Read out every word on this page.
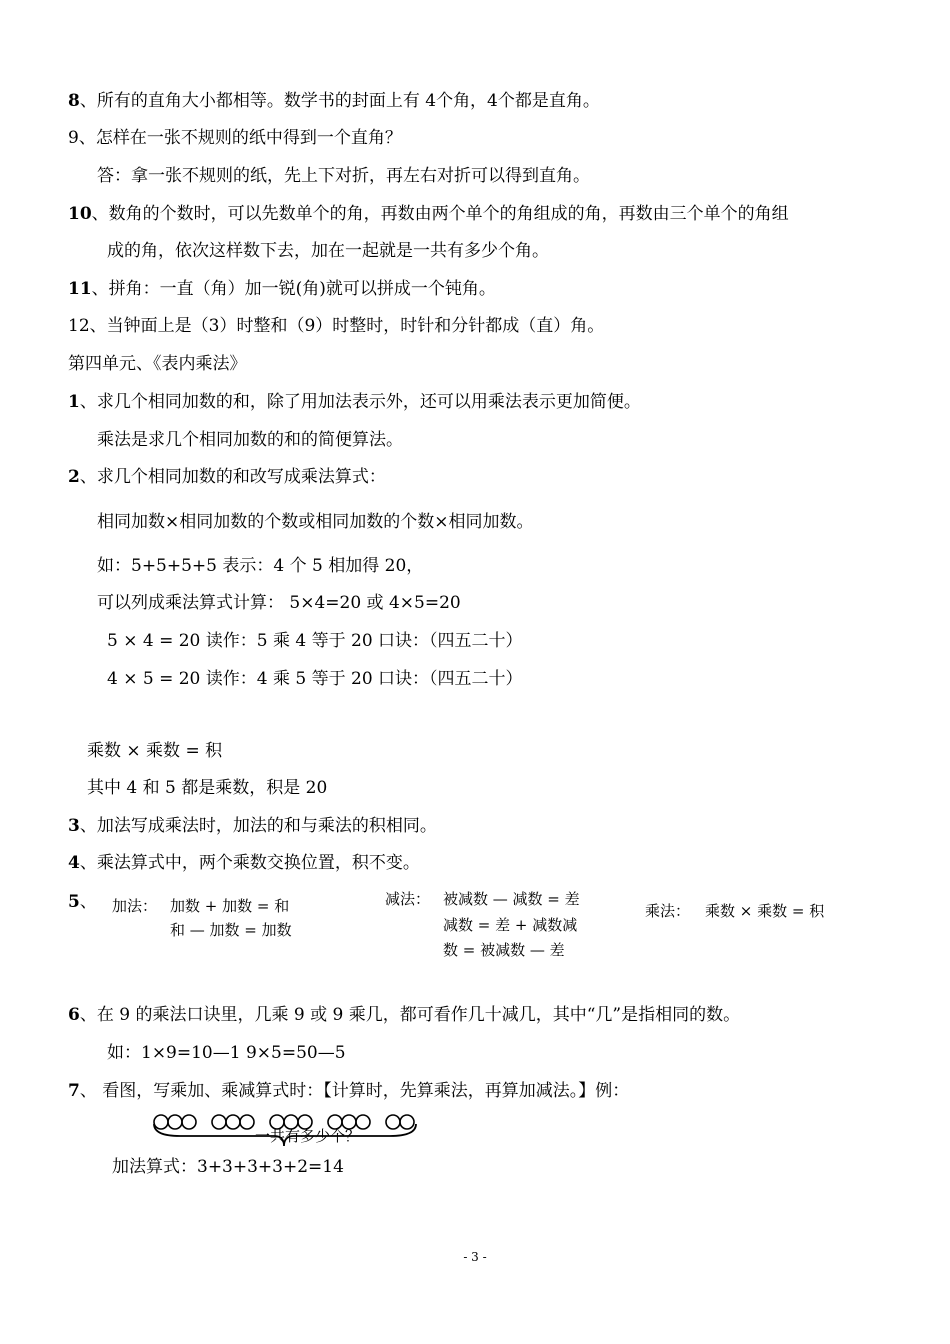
8、所有的直角大小都相等。数学书的封面上有 4个角，4个都是直角。
9、怎样在一张不规则的纸中得到一个直角？
答：拿一张不规则的纸，先上下对折，再左右对折可以得到直角。
10、数角的个数时，可以先数单个的角，再数由两个单个的角组成的角，再数由三个单个的角组
成的角，依次这样数下去，加在一起就是一共有多少个角。
11、拼角：一直（角）加一锐(角)就可以拼成一个钝角。
12、当钟面上是（3）时整和（9）时整时，时针和分针都成（直）角。
第四单元、《表内乘法》
1、求几个相同加数的和，除了用加法表示外，还可以用乘法表示更加简便。
乘法是求几个相同加数的和的简便算法。
2、求几个相同加数的和改写成乘法算式：
相同加数×相同加数的个数或相同加数的个数×相同加数。
如：5+5+5+5 表示：4 个 5 相加得 20，
可以列成乘法算式计算： 5×4=20 或 4×5=20
5 × 4 = 20 读作：5 乘 4 等于 20 口诀：（四五二十）
4 × 5 = 20 读作：4 乘 5 等于 20 口诀：（四五二十）
乘数 × 乘数 = 积
其中 4 和 5 都是乘数，积是 20
3、加法写成乘法时，加法的和与乘法的积相同。
4、乘法算式中，两个乘数交换位置，积不变。
5、 加法： 加数 + 加数 = 和
和 — 加数 = 加数
减法： 被减数 — 减数 = 差
减数 = 差 + 减数减
数 = 被减数 — 差
乘法： 乘数 × 乘数 = 积
6、在 9 的乘法口诀里，几乘 9 或 9 乘几，都可看作几十减几，其中“几”是指相同的数。
如：1×9=10—1 9×5=50—5
7、 看图，写乘加、乘减算式时：【计算时，先算乘法，再算加减法。】例：
一共有多少个？
加法算式：3+3+3+3+2=14
- 3 -
